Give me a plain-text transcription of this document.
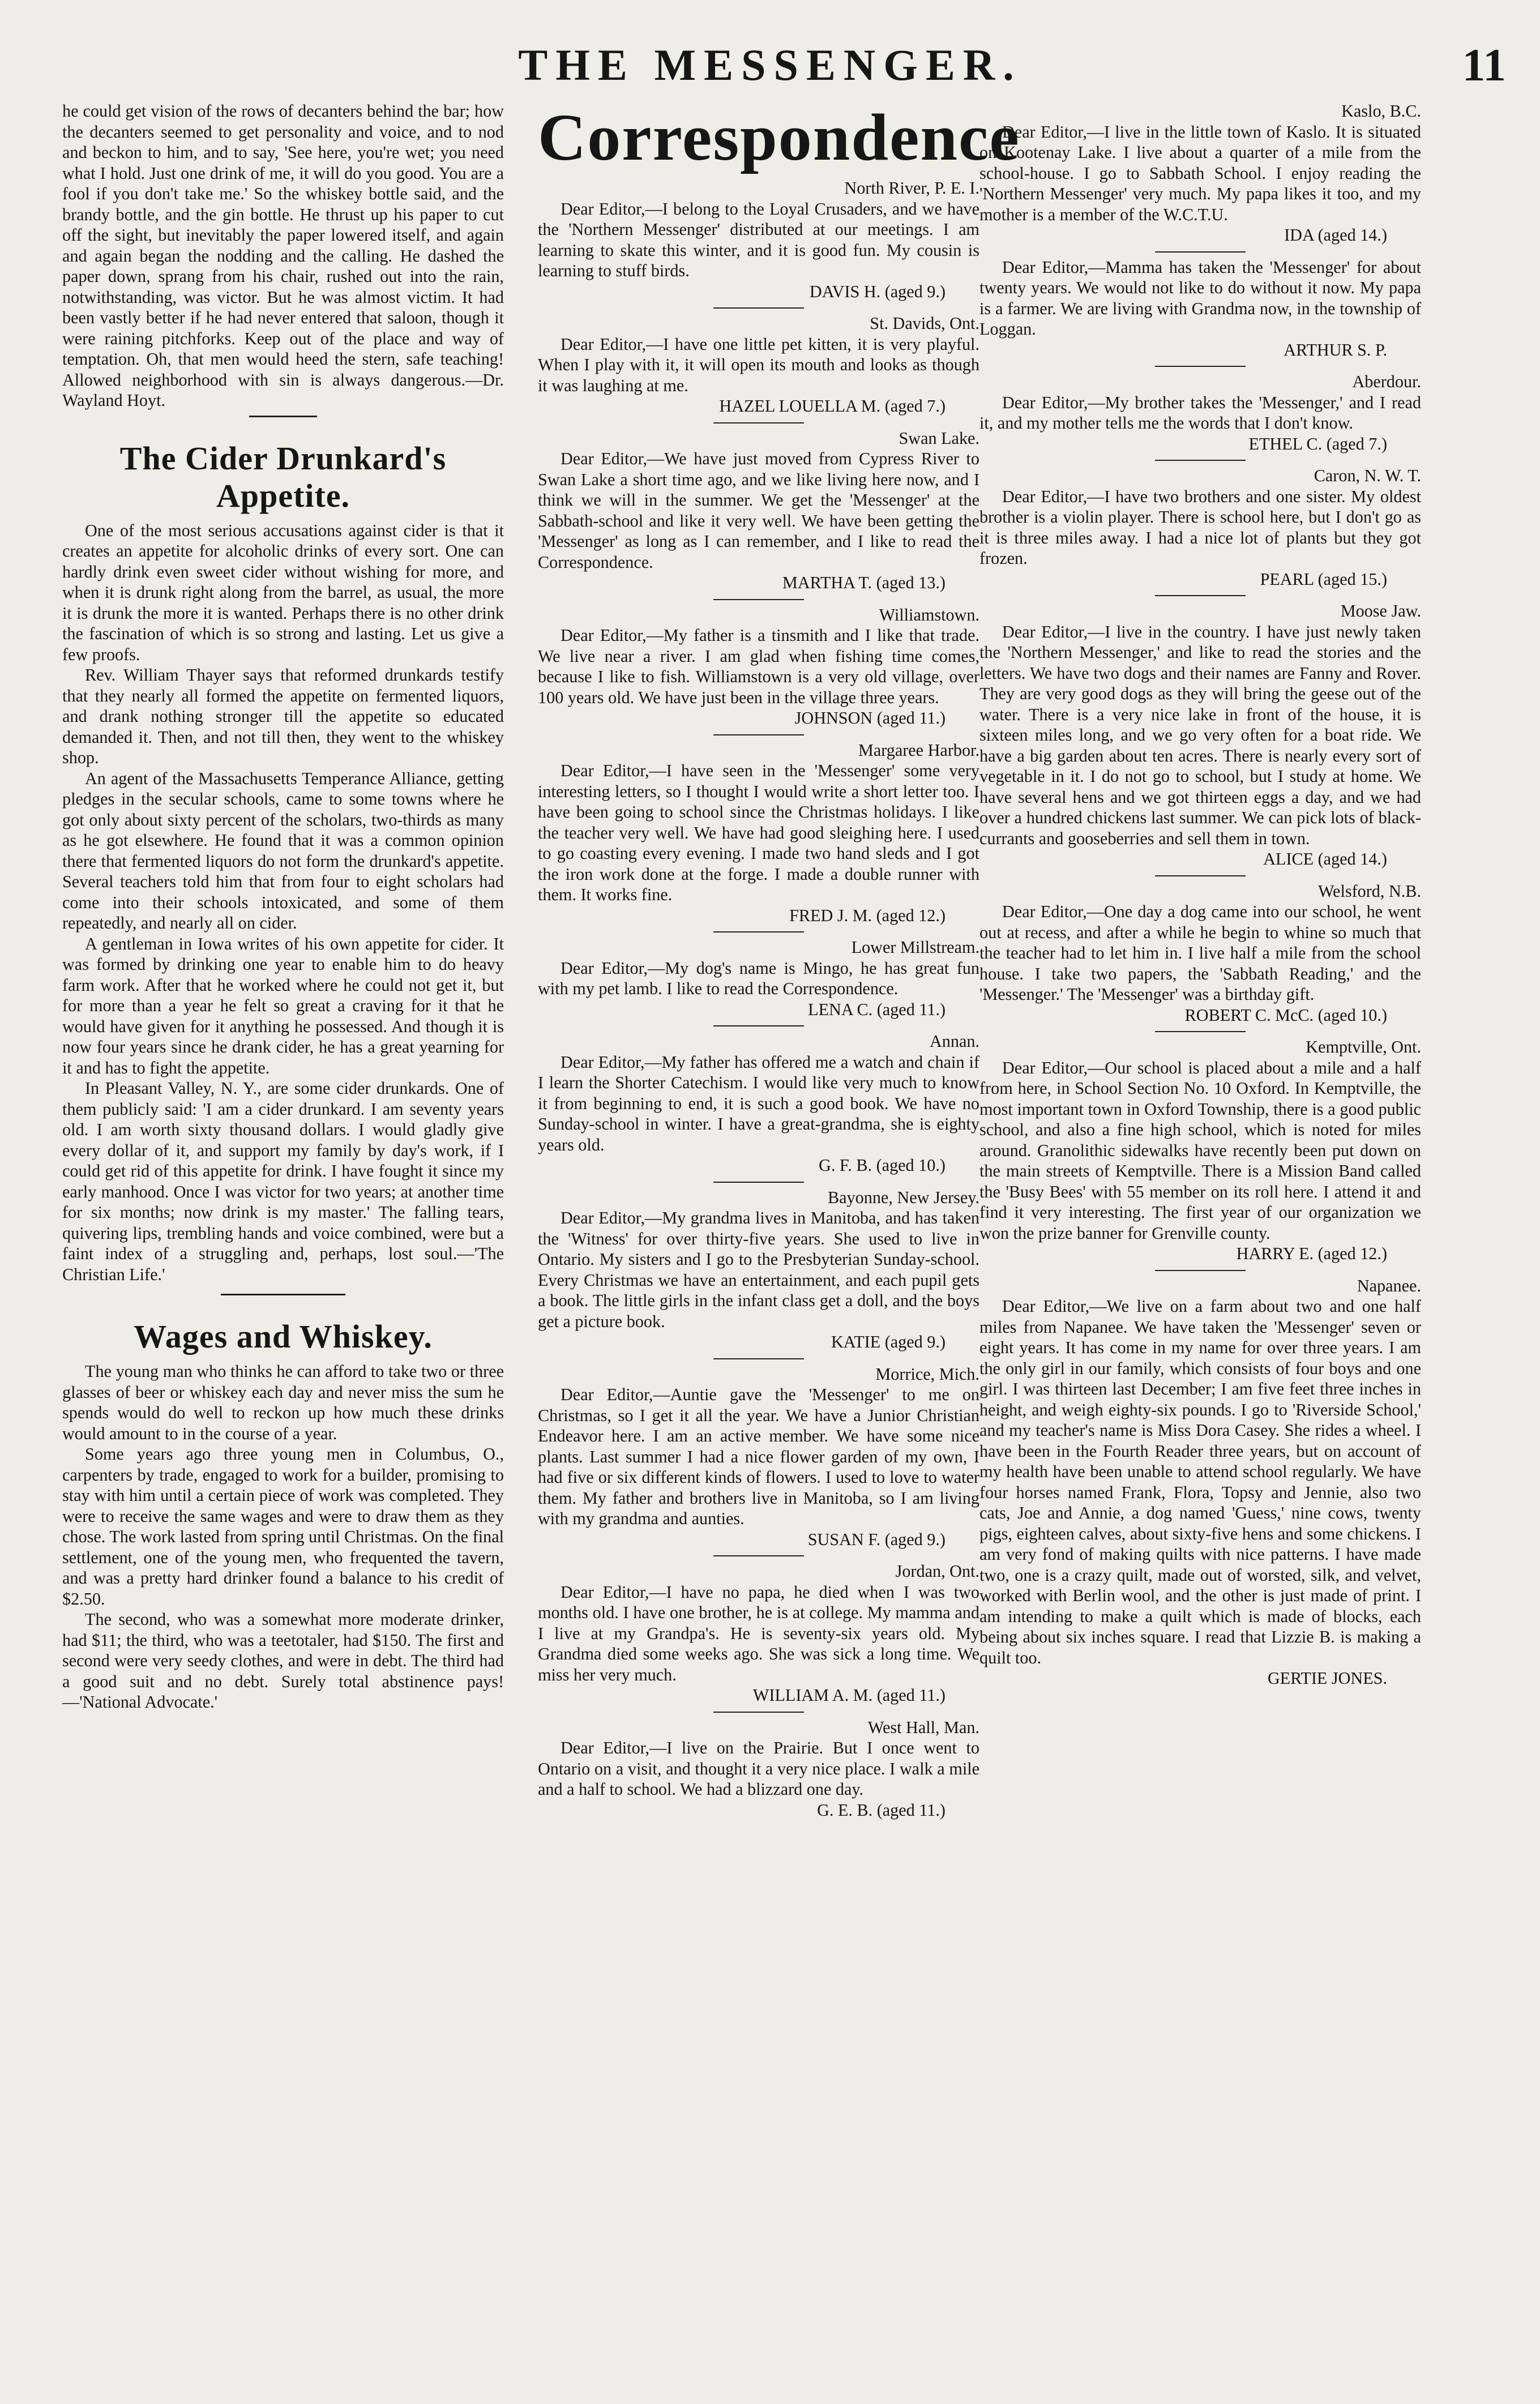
THE MESSENGER.	11

he could get vision of the rows of decanters behind the bar; how the decanters seemed to get personality and voice, and to nod and beckon to him, and to say, 'See here, you're wet; you need what I hold. Just one drink of me, it will do you good. You are a fool if you don't take me.' So the whiskey bottle said, and the brandy bottle, and the gin bottle. He thrust up his paper to cut off the sight, but inevitably the paper lowered itself, and again and again began the nodding and the calling. He dashed the paper down, sprang from his chair, rushed out into the rain, notwithstanding, was victor. But he was almost victim. It had been vastly better if he had never entered that saloon, though it were raining pitchforks. Keep out of the place and way of temptation. Oh, that men would heed the stern, safe teaching! Allowed neighborhood with sin is always dangerous.—Dr. Wayland Hoyt.

The Cider Drunkard's Appetite.

One of the most serious accusations against cider is that it creates an appetite for alcoholic drinks of every sort. One can hardly drink even sweet cider without wishing for more, and when it is drunk right along from the barrel, as usual, the more it is drunk the more it is wanted. Perhaps there is no other drink the fascination of which is so strong and lasting. Let us give a few proofs.

Rev. William Thayer says that reformed drunkards testify that they nearly all formed the appetite on fermented liquors, and drank nothing stronger till the appetite so educated demanded it. Then, and not till then, they went to the whiskey shop.

An agent of the Massachusetts Temperance Alliance, getting pledges in the secular schools, came to some towns where he got only about sixty percent of the scholars, two-thirds as many as he got elsewhere. He found that it was a common opinion there that fermented liquors do not form the drunkard's appetite. Several teachers told him that from four to eight scholars had come into their schools intoxicated, and some of them repeatedly, and nearly all on cider.

A gentleman in Iowa writes of his own appetite for cider. It was formed by drinking one year to enable him to do heavy farm work. After that he worked where he could not get it, but for more than a year he felt so great a craving for it that he would have given for it anything he possessed. And though it is now four years since he drank cider, he has a great yearning for it and has to fight the appetite.

In Pleasant Valley, N. Y., are some cider drunkards. One of them publicly said: 'I am a cider drunkard. I am seventy years old. I am worth sixty thousand dollars. I would gladly give every dollar of it, and support my family by day's work, if I could get rid of this appetite for drink. I have fought it since my early manhood. Once I was victor for two years; at another time for six months; now drink is my master.' The falling tears, quivering lips, trembling hands and voice combined, were but a faint index of a struggling and, perhaps, lost soul.—'The Christian Life.'

Wages and Whiskey.

The young man who thinks he can afford to take two or three glasses of beer or whiskey each day and never miss the sum he spends would do well to reckon up how much these drinks would amount to in the course of a year.

Some years ago three young men in Columbus, O., carpenters by trade, engaged to work for a builder, promising to stay with him until a certain piece of work was completed. They were to receive the same wages and were to draw them as they chose. The work lasted from spring until Christmas. On the final settlement, one of the young men, who frequented the tavern, and was a pretty hard drinker found a balance to his credit of $2.50.

The second, who was a somewhat more moderate drinker, had $11; the third, who was a teetotaler, had $150. The first and second were very seedy clothes, and were in debt. The third had a good suit and no debt. Surely total abstinence pays!—'National Advocate.'

Correspondence

North River, P. E. I.

Dear Editor,—I belong to the Loyal Crusaders, and we have the 'Northern Messenger' distributed at our meetings. I am learning to skate this winter, and it is good fun. My cousin is learning to stuff birds.

DAVIS H. (aged 9.)

St. Davids, Ont.

Dear Editor,—I have one little pet kitten, it is very playful. When I play with it, it will open its mouth and looks as though it was laughing at me.

HAZEL LOUELLA M. (aged 7.)

Swan Lake.

Dear Editor,—We have just moved from Cypress River to Swan Lake a short time ago, and we like living here now, and I think we will in the summer. We get the 'Messenger' at the Sabbath-school and like it very well. We have been getting the 'Messenger' as long as I can remember, and I like to read the Correspondence.

MARTHA T. (aged 13.)

Williamstown.

Dear Editor,—My father is a tinsmith and I like that trade. We live near a river. I am glad when fishing time comes, because I like to fish. Williamstown is a very old village, over 100 years old. We have just been in the village three years.

JOHNSON (aged 11.)

Margaree Harbor.

Dear Editor,—I have seen in the 'Messenger' some very interesting letters, so I thought I would write a short letter too. I have been going to school since the Christmas holidays. I like the teacher very well. We have had good sleighing here. I used to go coasting every evening. I made two hand sleds and I got the iron work done at the forge. I made a double runner with them. It works fine.

FRED J. M. (aged 12.)

Lower Millstream.

Dear Editor,—My dog's name is Mingo, he has great fun with my pet lamb. I like to read the Correspondence.

LENA C. (aged 11.)

Annan.

Dear Editor,—My father has offered me a watch and chain if I learn the Shorter Catechism. I would like very much to know it from beginning to end, it is such a good book. We have no Sunday-school in winter. I have a great-grandma, she is eighty years old.

G. F. B. (aged 10.)

Bayonne, New Jersey.

Dear Editor,—My grandma lives in Manitoba, and has taken the 'Witness' for over thirty-five years. She used to live in Ontario. My sisters and I go to the Presbyterian Sunday-school. Every Christmas we have an entertainment, and each pupil gets a book. The little girls in the infant class get a doll, and the boys get a picture book.

KATIE (aged 9.)

Morrice, Mich.

Dear Editor,—Auntie gave the 'Messenger' to me on Christmas, so I get it all the year. We have a Junior Christian Endeavor here. I am an active member. We have some nice plants. Last summer I had a nice flower garden of my own, I had five or six different kinds of flowers. I used to love to water them. My father and brothers live in Manitoba, so I am living with my grandma and aunties.

SUSAN F. (aged 9.)

Jordan, Ont.

Dear Editor,—I have no papa, he died when I was two months old. I have one brother, he is at college. My mamma and I live at my Grandpa's. He is seventy-six years old. My Grandma died some weeks ago. She was sick a long time. We miss her very much.

WILLIAM A. M. (aged 11.)

West Hall, Man.

Dear Editor,—I live on the Prairie. But I once went to Ontario on a visit, and thought it a very nice place. I walk a mile and a half to school. We had a blizzard one day.

G. E. B. (aged 11.)

Kaslo, B.C.

Dear Editor,—I live in the little town of Kaslo. It is situated on Kootenay Lake. I live about a quarter of a mile from the school-house. I go to Sabbath School. I enjoy reading the 'Northern Messenger' very much. My papa likes it too, and my mother is a member of the W.C.T.U.

IDA (aged 14.)

Dear Editor,—Mamma has taken the 'Messenger' for about twenty years. We would not like to do without it now. My papa is a farmer. We are living with Grandma now, in the township of Loggan.

ARTHUR S. P.

Aberdour.

Dear Editor,—My brother takes the 'Messenger,' and I read it, and my mother tells me the words that I don't know.

ETHEL C. (aged 7.)

Caron, N. W. T.

Dear Editor,—I have two brothers and one sister. My oldest brother is a violin player. There is school here, but I don't go as it is three miles away. I had a nice lot of plants but they got frozen.

PEARL (aged 15.)

Moose Jaw.

Dear Editor,—I live in the country. I have just newly taken the 'Northern Messenger,' and like to read the stories and the letters. We have two dogs and their names are Fanny and Rover. They are very good dogs as they will bring the geese out of the water. There is a very nice lake in front of the house, it is sixteen miles long, and we go very often for a boat ride. We have a big garden about ten acres. There is nearly every sort of vegetable in it. I do not go to school, but I study at home. We have several hens and we got thirteen eggs a day, and we had over a hundred chickens last summer. We can pick lots of black-currants and gooseberries and sell them in town.

ALICE (aged 14.)

Welsford, N.B.

Dear Editor,—One day a dog came into our school, he went out at recess, and after a while he begin to whine so much that the teacher had to let him in. I live half a mile from the school house. I take two papers, the 'Sabbath Reading,' and the 'Messenger.' The 'Messenger' was a birthday gift.

ROBERT C. McC. (aged 10.)

Kemptville, Ont.

Dear Editor,—Our school is placed about a mile and a half from here, in School Section No. 10 Oxford. In Kemptville, the most important town in Oxford Township, there is a good public school, and also a fine high school, which is noted for miles around. Granolithic sidewalks have recently been put down on the main streets of Kemptville. There is a Mission Band called the 'Busy Bees' with 55 member on its roll here. I attend it and find it very interesting. The first year of our organization we won the prize banner for Grenville county.

HARRY E. (aged 12.)

Napanee.

Dear Editor,—We live on a farm about two and one half miles from Napanee. We have taken the 'Messenger' seven or eight years. It has come in my name for over three years. I am the only girl in our family, which consists of four boys and one girl. I was thirteen last December; I am five feet three inches in height, and weigh eighty-six pounds. I go to 'Riverside School,' and my teacher's name is Miss Dora Casey. She rides a wheel. I have been in the Fourth Reader three years, but on account of my health have been unable to attend school regularly. We have four horses named Frank, Flora, Topsy and Jennie, also two cats, Joe and Annie, a dog named 'Guess,' nine cows, twenty pigs, eighteen calves, about sixty-five hens and some chickens. I am very fond of making quilts with nice patterns. I have made two, one is a crazy quilt, made out of worsted, silk, and velvet, worked with Berlin wool, and the other is just made of print. I am intending to make a quilt which is made of blocks, each being about six inches square. I read that Lizzie B. is making a quilt too.

GERTIE JONES.
